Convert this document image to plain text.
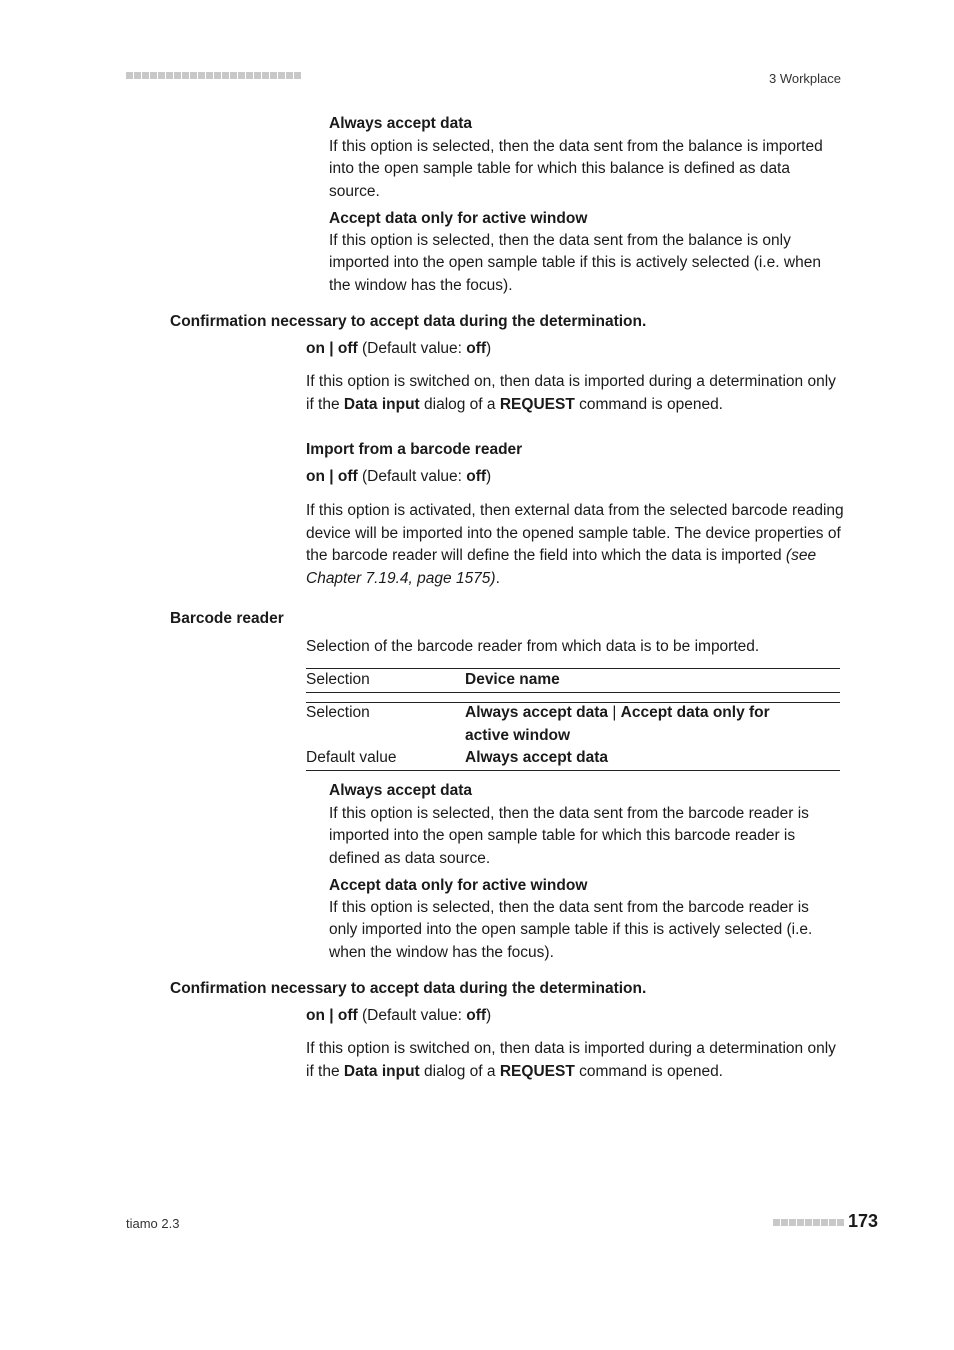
3 Workplace
Always accept data
If this option is selected, then the data sent from the balance is imported into the open sample table for which this balance is defined as data source.
Accept data only for active window
If this option is selected, then the data sent from the balance is only imported into the open sample table if this is actively selected (i.e. when the window has the focus).
Confirmation necessary to accept data during the determination.
on | off (Default value: off)
If this option is switched on, then data is imported during a determination only if the Data input dialog of a REQUEST command is opened.
Import from a barcode reader
on | off (Default value: off)
If this option is activated, then external data from the selected barcode reading device will be imported into the opened sample table. The device properties of the barcode reader will define the field into which the data is imported (see Chapter 7.19.4, page 1575).
Barcode reader
Selection of the barcode reader from which data is to be imported.
Selection	Device name
Selection	Always accept data | Accept data only for
active window
Default value	Always accept data
Always accept data
If this option is selected, then the data sent from the barcode reader is imported into the open sample table for which this barcode reader is defined as data source.
Accept data only for active window
If this option is selected, then the data sent from the barcode reader is only imported into the open sample table if this is actively selected (i.e. when the window has the focus).
Confirmation necessary to accept data during the determination.
on | off (Default value: off)
If this option is switched on, then data is imported during a determination only if the Data input dialog of a REQUEST command is opened.
tiamo 2.3	173
